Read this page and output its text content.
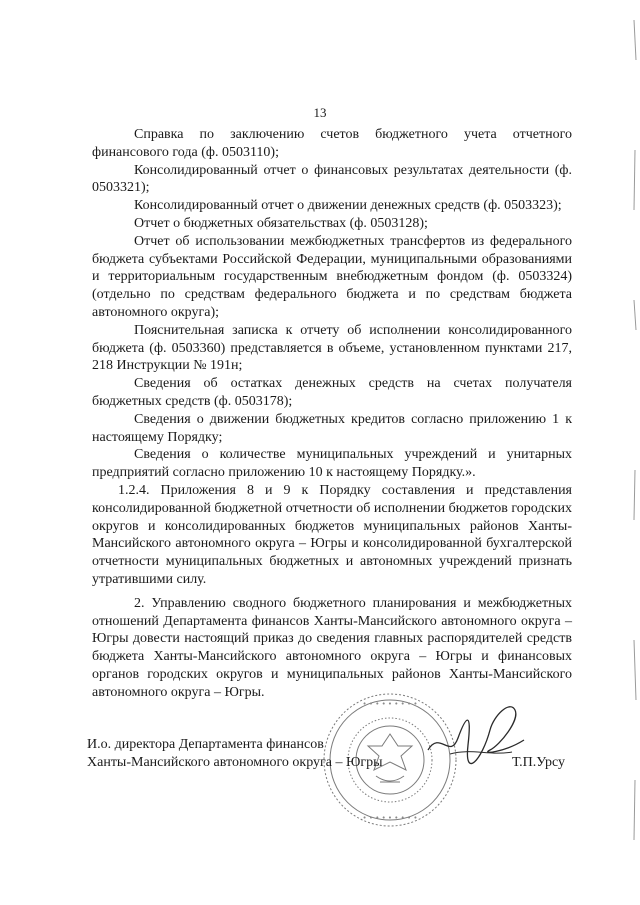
13

Справка по заключению счетов бюджетного учета отчетного финансового года (ф. 0503110);

Консолидированный отчет о финансовых результатах деятельности (ф. 0503321);

Консолидированный отчет о движении денежных средств (ф. 0503323);

Отчет о бюджетных обязательствах (ф. 0503128);

Отчет об использовании межбюджетных трансфертов из федерального бюджета субъектами Российской Федерации, муниципальными образованиями и территориальным государственным внебюджетным фондом (ф. 0503324) (отдельно по средствам федерального бюджета и по средствам бюджета автономного округа);

Пояснительная записка к отчету об исполнении консолидированного бюджета (ф. 0503360) представляется в объеме, установленном пунктами 217, 218 Инструкции № 191н;

Сведения об остатках денежных средств на счетах получателя бюджетных средств (ф. 0503178);

Сведения о движении бюджетных кредитов согласно приложению 1 к настоящему Порядку;

Сведения о количестве муниципальных учреждений и унитарных предприятий согласно приложению 10 к настоящему Порядку.».

1.2.4. Приложения 8 и 9 к Порядку составления и представления консолидированной бюджетной отчетности об исполнении бюджетов городских округов и консолидированных бюджетов муниципальных районов Ханты-Мансийского автономного округа – Югры и консолидированной бухгалтерской отчетности муниципальных бюджетных и автономных учреждений признать утратившими силу.

2. Управлению сводного бюджетного планирования и межбюджетных отношений Департамента финансов Ханты-Мансийского автономного округа – Югры довести настоящий приказ до сведения главных распорядителей средств бюджета Ханты-Мансийского автономного округа – Югры и финансовых органов городских округов и муниципальных районов Ханты-Мансийского автономного округа – Югры.

• • • • • • • • •
• • • • • • • • •
И.о. директора Департамента финансов
Ханты-Мансийского автономного округа – Югры	Т.П.Урсу
